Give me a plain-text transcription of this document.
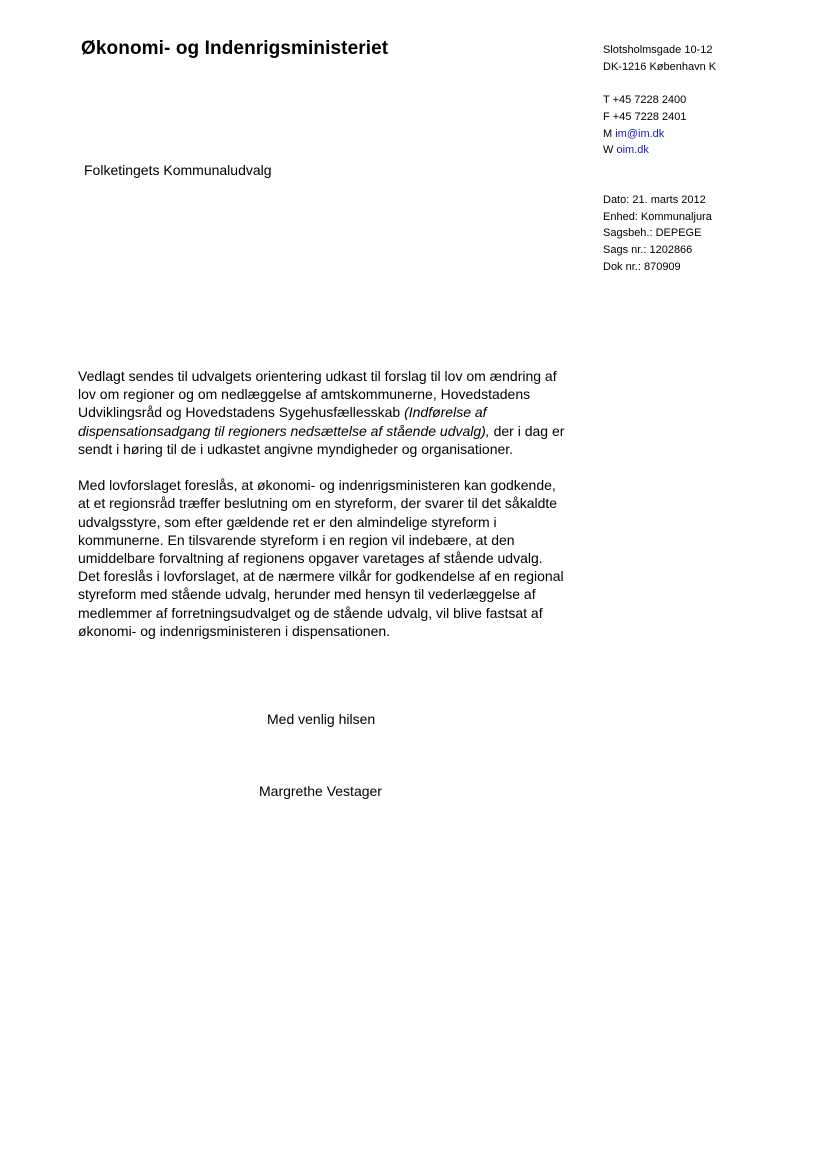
Økonomi- og Indenrigsministeriet	Slotsholmsgade 10-12
DK-1216 København K
T +45 7228 2400
F +45 7228 2401
M im@im.dk
W oim.dk
Dato: 21. marts 2012
Enhed: Kommunaljura
Sagsbeh.: DEPEGE
Sags nr.: 1202866
Dok nr.: 870909
Folketingets Kommunaludvalg

Vedlagt sendes til udvalgets orientering udkast til forslag til lov om ændring af
lov om regioner og om nedlæggelse af amtskommunerne, Hovedstadens
Udviklingsråd og Hovedstadens Sygehusfællesskab (Indførelse af
dispensationsadgang til regioners nedsættelse af stående udvalg), der i dag er
sendt i høring til de i udkastet angivne myndigheder og organisationer.

Med lovforslaget foreslås, at økonomi- og indenrigsministeren kan godkende,
at et regionsråd træffer beslutning om en styreform, der svarer til det såkaldte
udvalgsstyre, som efter gældende ret er den almindelige styreform i
kommunerne. En tilsvarende styreform i en region vil indebære, at den
umiddelbare forvaltning af regionens opgaver varetages af stående udvalg.
Det foreslås i lovforslaget, at de nærmere vilkår for godkendelse af en regional
styreform med stående udvalg, herunder med hensyn til vederlæggelse af
medlemmer af forretningsudvalget og de stående udvalg, vil blive fastsat af
økonomi- og indenrigsministeren i dispensationen.

Med venlig hilsen
Margrethe Vestager
